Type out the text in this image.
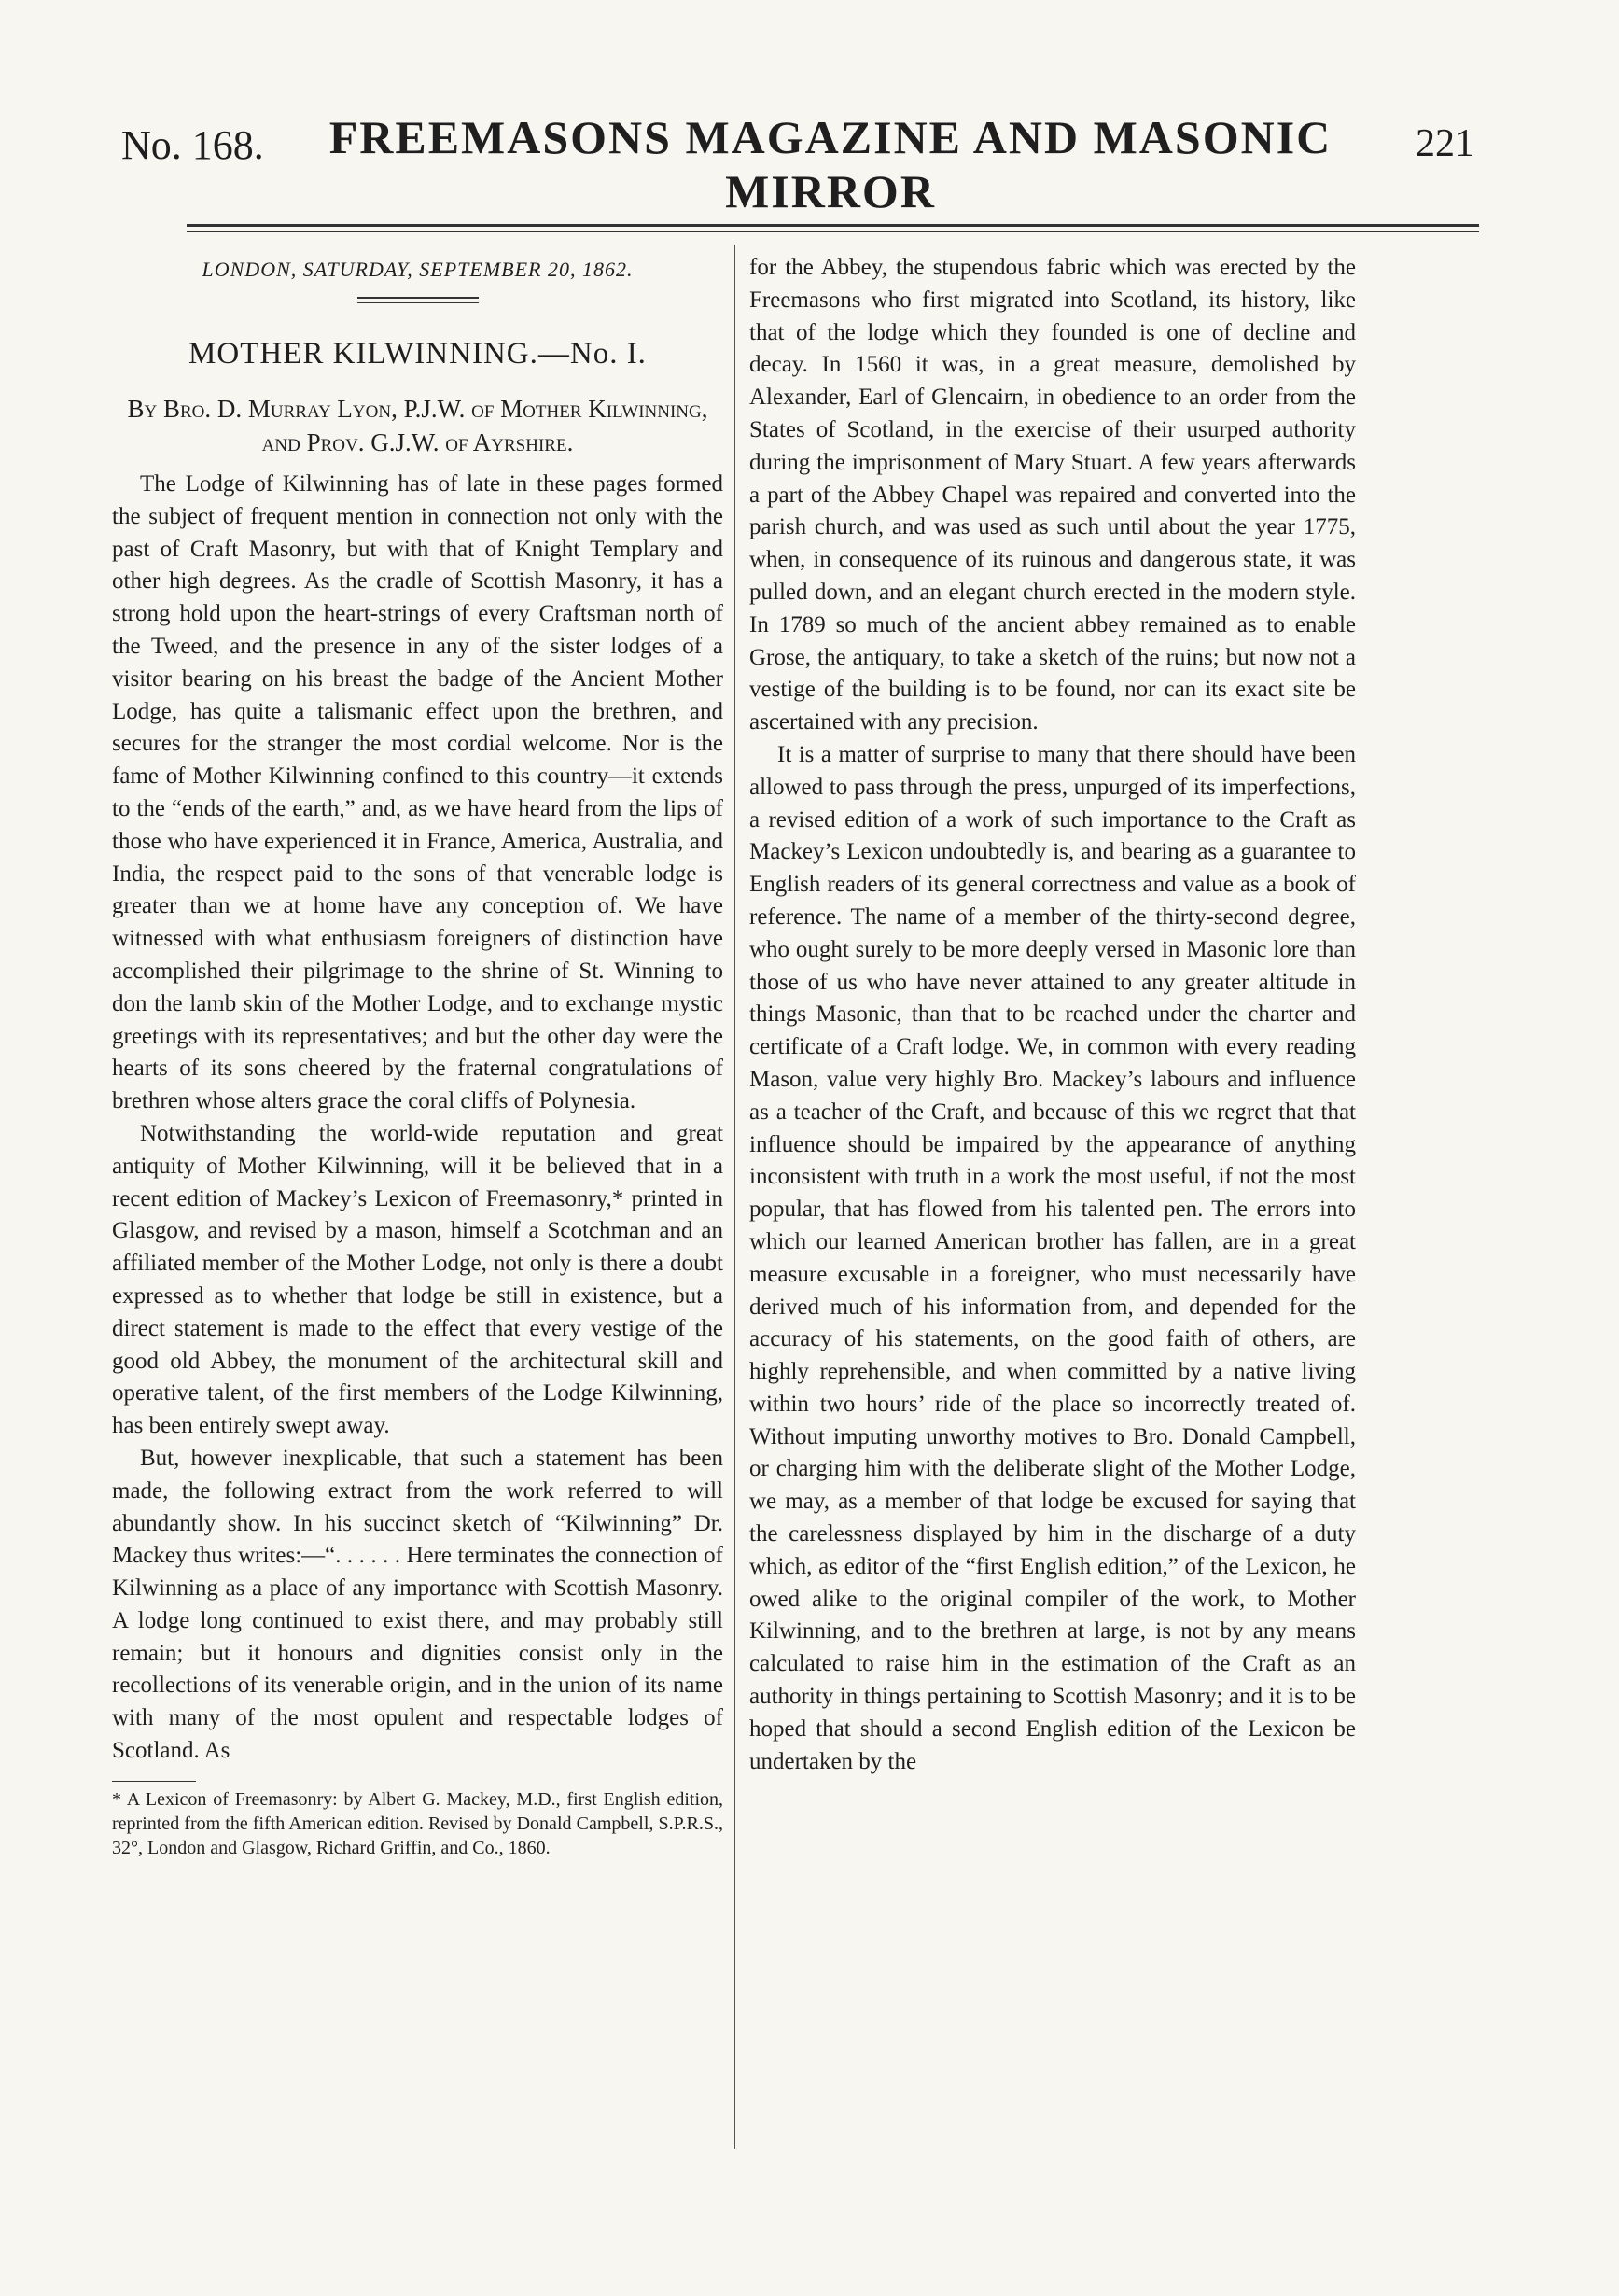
No. 168.	FREEMASONS MAGAZINE AND MASONIC MIRROR
221
LONDON, SATURDAY, SEPTEMBER 20, 1862.
MOTHER KILWINNING.—No. I.
By Bro. D. Murray Lyon, P.J.W. of Mother Kilwinning, and Prov. G.J.W. of Ayrshire.

The Lodge of Kilwinning has of late in these pages formed the subject of frequent mention in connection not only with the past of Craft Masonry, but with that of Knight Templary and other high degrees. As the cradle of Scottish Masonry, it has a strong hold upon the heart-strings of every Craftsman north of the Tweed, and the presence in any of the sister lodges of a visitor bearing on his breast the badge of the Ancient Mother Lodge, has quite a talismanic effect upon the brethren, and secures for the stranger the most cordial welcome. Nor is the fame of Mother Kilwinning confined to this country—it extends to the “ends of the earth,” and, as we have heard from the lips of those who have experienced it in France, America, Australia, and India, the respect paid to the sons of that venerable lodge is greater than we at home have any conception of. We have witnessed with what enthusiasm foreigners of distinction have accomplished their pilgrimage to the shrine of St. Winning to don the lamb skin of the Mother Lodge, and to exchange mystic greetings with its representatives; and but the other day were the hearts of its sons cheered by the fraternal congratulations of brethren whose alters grace the coral cliffs of Polynesia.

Notwithstanding the world-wide reputation and great antiquity of Mother Kilwinning, will it be believed that in a recent edition of Mackey’s Lexicon of Freemasonry,* printed in Glasgow, and revised by a mason, himself a Scotchman and an affiliated member of the Mother Lodge, not only is there a doubt expressed as to whether that lodge be still in existence, but a direct statement is made to the effect that every vestige of the good old Abbey, the monument of the architectural skill and operative talent, of the first members of the Lodge Kilwinning, has been entirely swept away.

But, however inexplicable, that such a statement has been made, the following extract from the work referred to will abundantly show. In his succinct sketch of “Kilwinning” Dr. Mackey thus writes:—“. . . . . . Here terminates the connection of Kilwinning as a place of any importance with Scottish Masonry. A lodge long continued to exist there, and may probably still remain; but it honours and dignities consist only in the recollections of its venerable origin, and in the union of its name with many of the most opulent and respectable lodges of Scotland. As

* A Lexicon of Freemasonry: by Albert G. Mackey, M.D., first English edition, reprinted from the fifth American edition. Revised by Donald Campbell, S.P.R.S., 32°, London and Glasgow, Richard Griffin, and Co., 1860.

for the Abbey, the stupendous fabric which was erected by the Freemasons who first migrated into Scotland, its history, like that of the lodge which they founded is one of decline and decay. In 1560 it was, in a great measure, demolished by Alexander, Earl of Glencairn, in obedience to an order from the States of Scotland, in the exercise of their usurped authority during the imprisonment of Mary Stuart. A few years afterwards a part of the Abbey Chapel was repaired and converted into the parish church, and was used as such until about the year 1775, when, in consequence of its ruinous and dangerous state, it was pulled down, and an elegant church erected in the modern style. In 1789 so much of the ancient abbey remained as to enable Grose, the antiquary, to take a sketch of the ruins; but now not a vestige of the building is to be found, nor can its exact site be ascertained with any precision.

It is a matter of surprise to many that there should have been allowed to pass through the press, unpurged of its imperfections, a revised edition of a work of such importance to the Craft as Mackey’s Lexicon undoubtedly is, and bearing as a guarantee to English readers of its general correctness and value as a book of reference. The name of a member of the thirty-second degree, who ought surely to be more deeply versed in Masonic lore than those of us who have never attained to any greater altitude in things Masonic, than that to be reached under the charter and certificate of a Craft lodge. We, in common with every reading Mason, value very highly Bro. Mackey’s labours and influence as a teacher of the Craft, and because of this we regret that that influence should be impaired by the appearance of anything inconsistent with truth in a work the most useful, if not the most popular, that has flowed from his talented pen. The errors into which our learned American brother has fallen, are in a great measure excusable in a foreigner, who must necessarily have derived much of his information from, and depended for the accuracy of his statements, on the good faith of others, are highly reprehensible, and when committed by a native living within two hours’ ride of the place so incorrectly treated of. Without imputing unworthy motives to Bro. Donald Campbell, or charging him with the deliberate slight of the Mother Lodge, we may, as a member of that lodge be excused for saying that the carelessness displayed by him in the discharge of a duty which, as editor of the “first English edition,” of the Lexicon, he owed alike to the original compiler of the work, to Mother Kilwinning, and to the brethren at large, is not by any means calculated to raise him in the estimation of the Craft as an authority in things pertaining to Scottish Masonry; and it is to be hoped that should a second English edition of the Lexicon be undertaken by the
